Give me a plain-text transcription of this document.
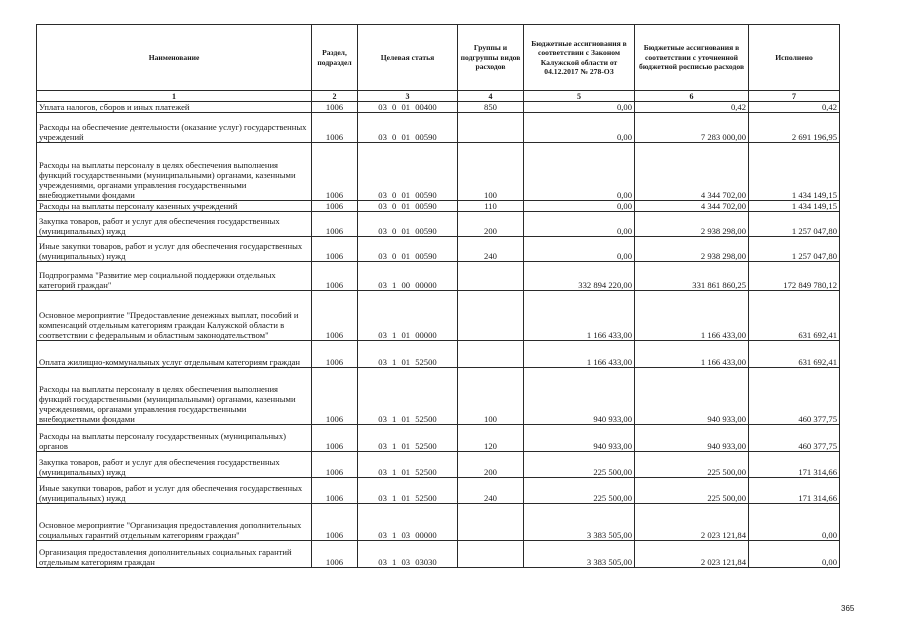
Наименование	Раздел, подраздел	Целевая статья	Группы и подгруппы видов расходов	Бюджетные ассигнования в соответствии с Законом Калужской области от 04.12.2017 № 278-ОЗ	Бюджетные ассигнования в соответствии с уточненной бюджетной росписью расходов	Исполнено
1	2	3	4	5	6	7
Уплата налогов, сборов и иных платежей	1006	03 0 01 00400	850	0,00	0,42	0,42
Расходы на обеспечение деятельности (оказание услуг) государственных учреждений	1006	03 0 01 00590		0,00	7 283 000,00	2 691 196,95
Расходы на выплаты персоналу в целях обеспечения выполнения функций государственными (муниципальными) органами, казенными учреждениями, органами управления государственными внебюджетными фондами	1006	03 0 01 00590	100	0,00	4 344 702,00	1 434 149,15
Расходы на выплаты персоналу казенных учреждений	1006	03 0 01 00590	110	0,00	4 344 702,00	1 434 149,15
Закупка товаров, работ и услуг для обеспечения государственных (муниципальных) нужд	1006	03 0 01 00590	200	0,00	2 938 298,00	1 257 047,80
Иные закупки товаров, работ и услуг для обеспечения государственных (муниципальных) нужд	1006	03 0 01 00590	240	0,00	2 938 298,00	1 257 047,80
Подпрограмма "Развитие мер социальной поддержки отдельных категорий граждан"	1006	03 1 00 00000		332 894 220,00	331 861 860,25	172 849 780,12
Основное мероприятие "Предоставление денежных выплат, пособий и компенсаций отдельным категориям граждан Калужской области в соответствии с федеральным и областным законодательством"	1006	03 1 01 00000		1 166 433,00	1 166 433,00	631 692,41
Оплата жилищно-коммунальных услуг отдельным категориям граждан	1006	03 1 01 52500		1 166 433,00	1 166 433,00	631 692,41
Расходы на выплаты персоналу в целях обеспечения выполнения функций государственными (муниципальными) органами, казенными учреждениями, органами управления государственными внебюджетными фондами	1006	03 1 01 52500	100	940 933,00	940 933,00	460 377,75
Расходы на выплаты персоналу государственных (муниципальных) органов	1006	03 1 01 52500	120	940 933,00	940 933,00	460 377,75
Закупка товаров, работ и услуг для обеспечения государственных (муниципальных) нужд	1006	03 1 01 52500	200	225 500,00	225 500,00	171 314,66
Иные закупки товаров, работ и услуг для обеспечения государственных (муниципальных) нужд	1006	03 1 01 52500	240	225 500,00	225 500,00	171 314,66
Основное мероприятие "Организация предоставления дополнительных социальных гарантий отдельным категориям граждан"	1006	03 1 03 00000		3 383 505,00	2 023 121,84	0,00
Организация предоставления дополнительных социальных гарантий отдельным категориям граждан	1006	03 1 03 03030		3 383 505,00	2 023 121,84	0,00
365
